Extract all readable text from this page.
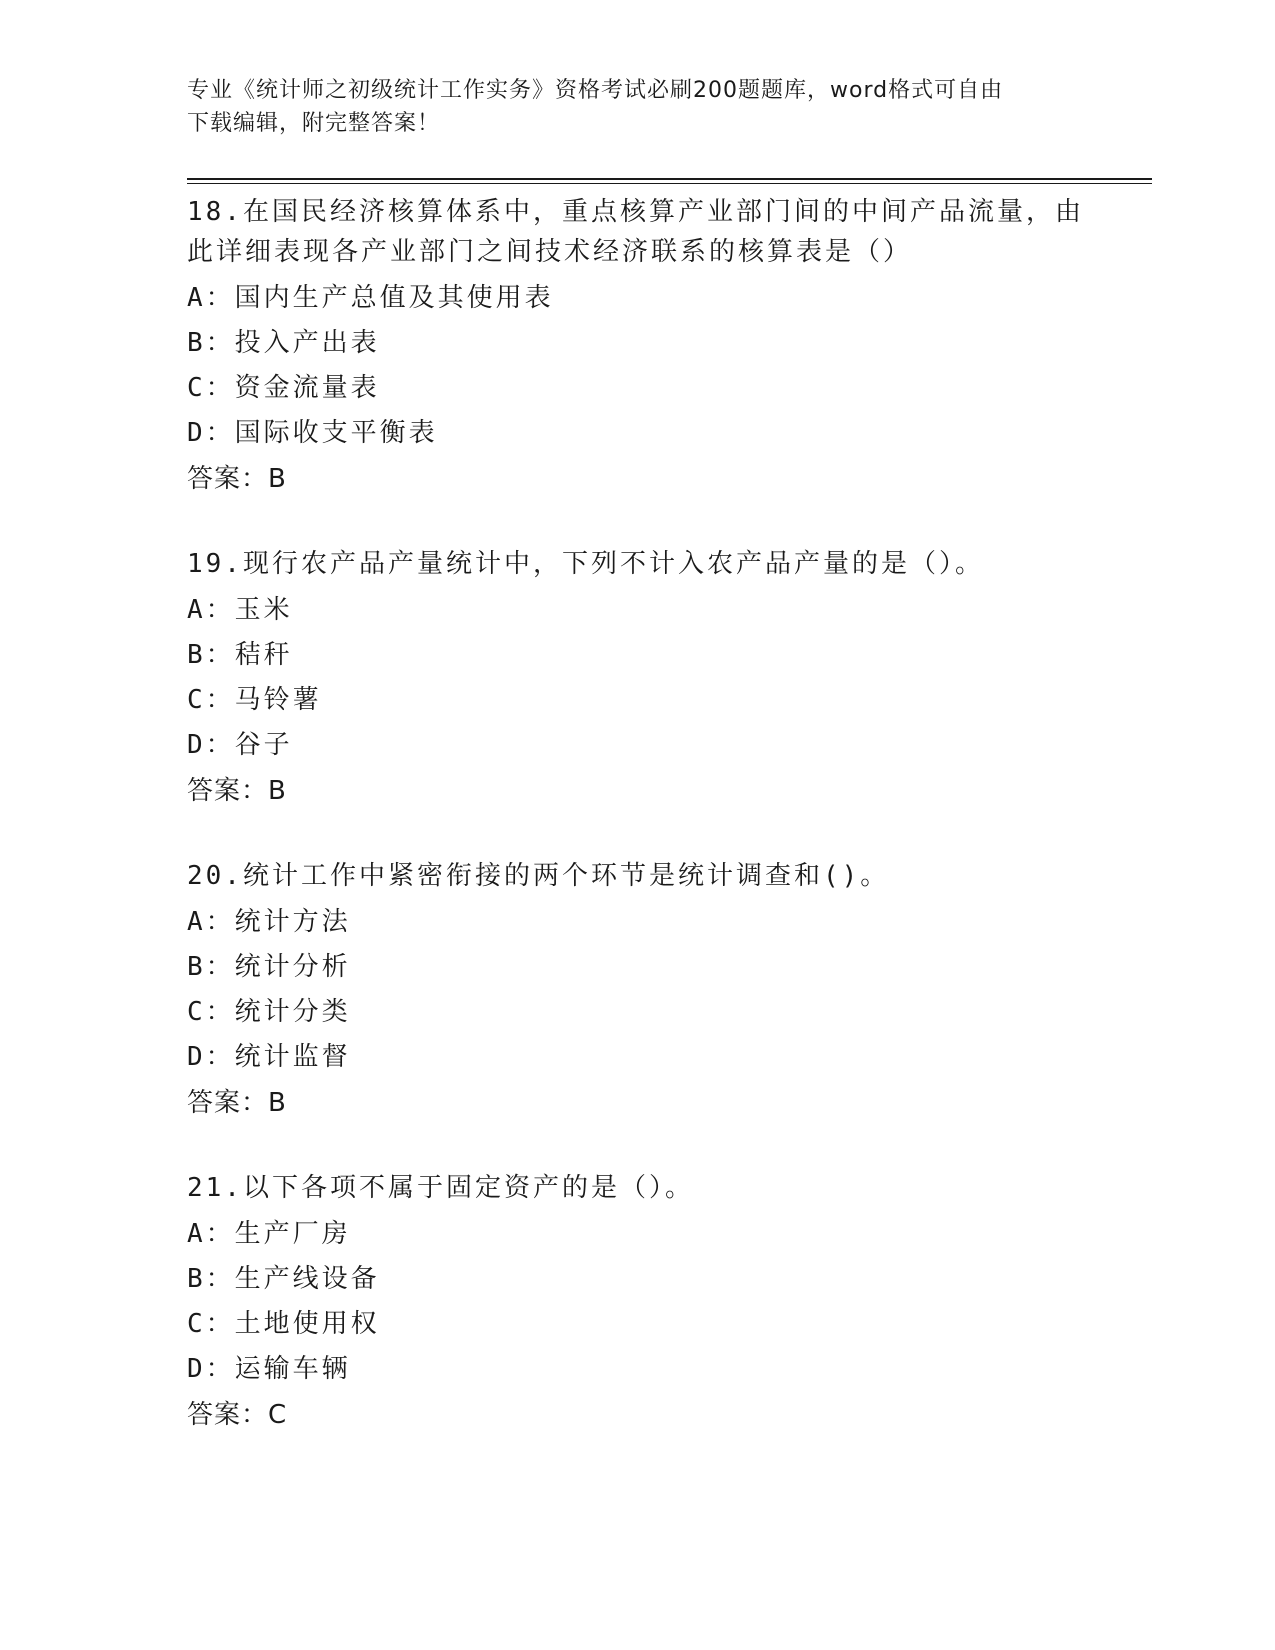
专业《统计师之初级统计工作实务》资格考试必刷200题题库，word格式可自由
下载编辑，附完整答案！
18.在国民经济核算体系中，重点核算产业部门间的中间产品流量，由
此详细表现各产业部门之间技术经济联系的核算表是（）
A：国内生产总值及其使用表
B：投入产出表
C：资金流量表
D：国际收支平衡表
答案：B
19.现行农产品产量统计中，下列不计入农产品产量的是（）。
A：玉米
B：秸秆
C：马铃薯
D：谷子
答案：B
20.统计工作中紧密衔接的两个环节是统计调查和()。
A：统计方法
B：统计分析
C：统计分类
D：统计监督
答案：B
21.以下各项不属于固定资产的是（）。
A：生产厂房
B：生产线设备
C：土地使用权
D：运输车辆
答案：C
